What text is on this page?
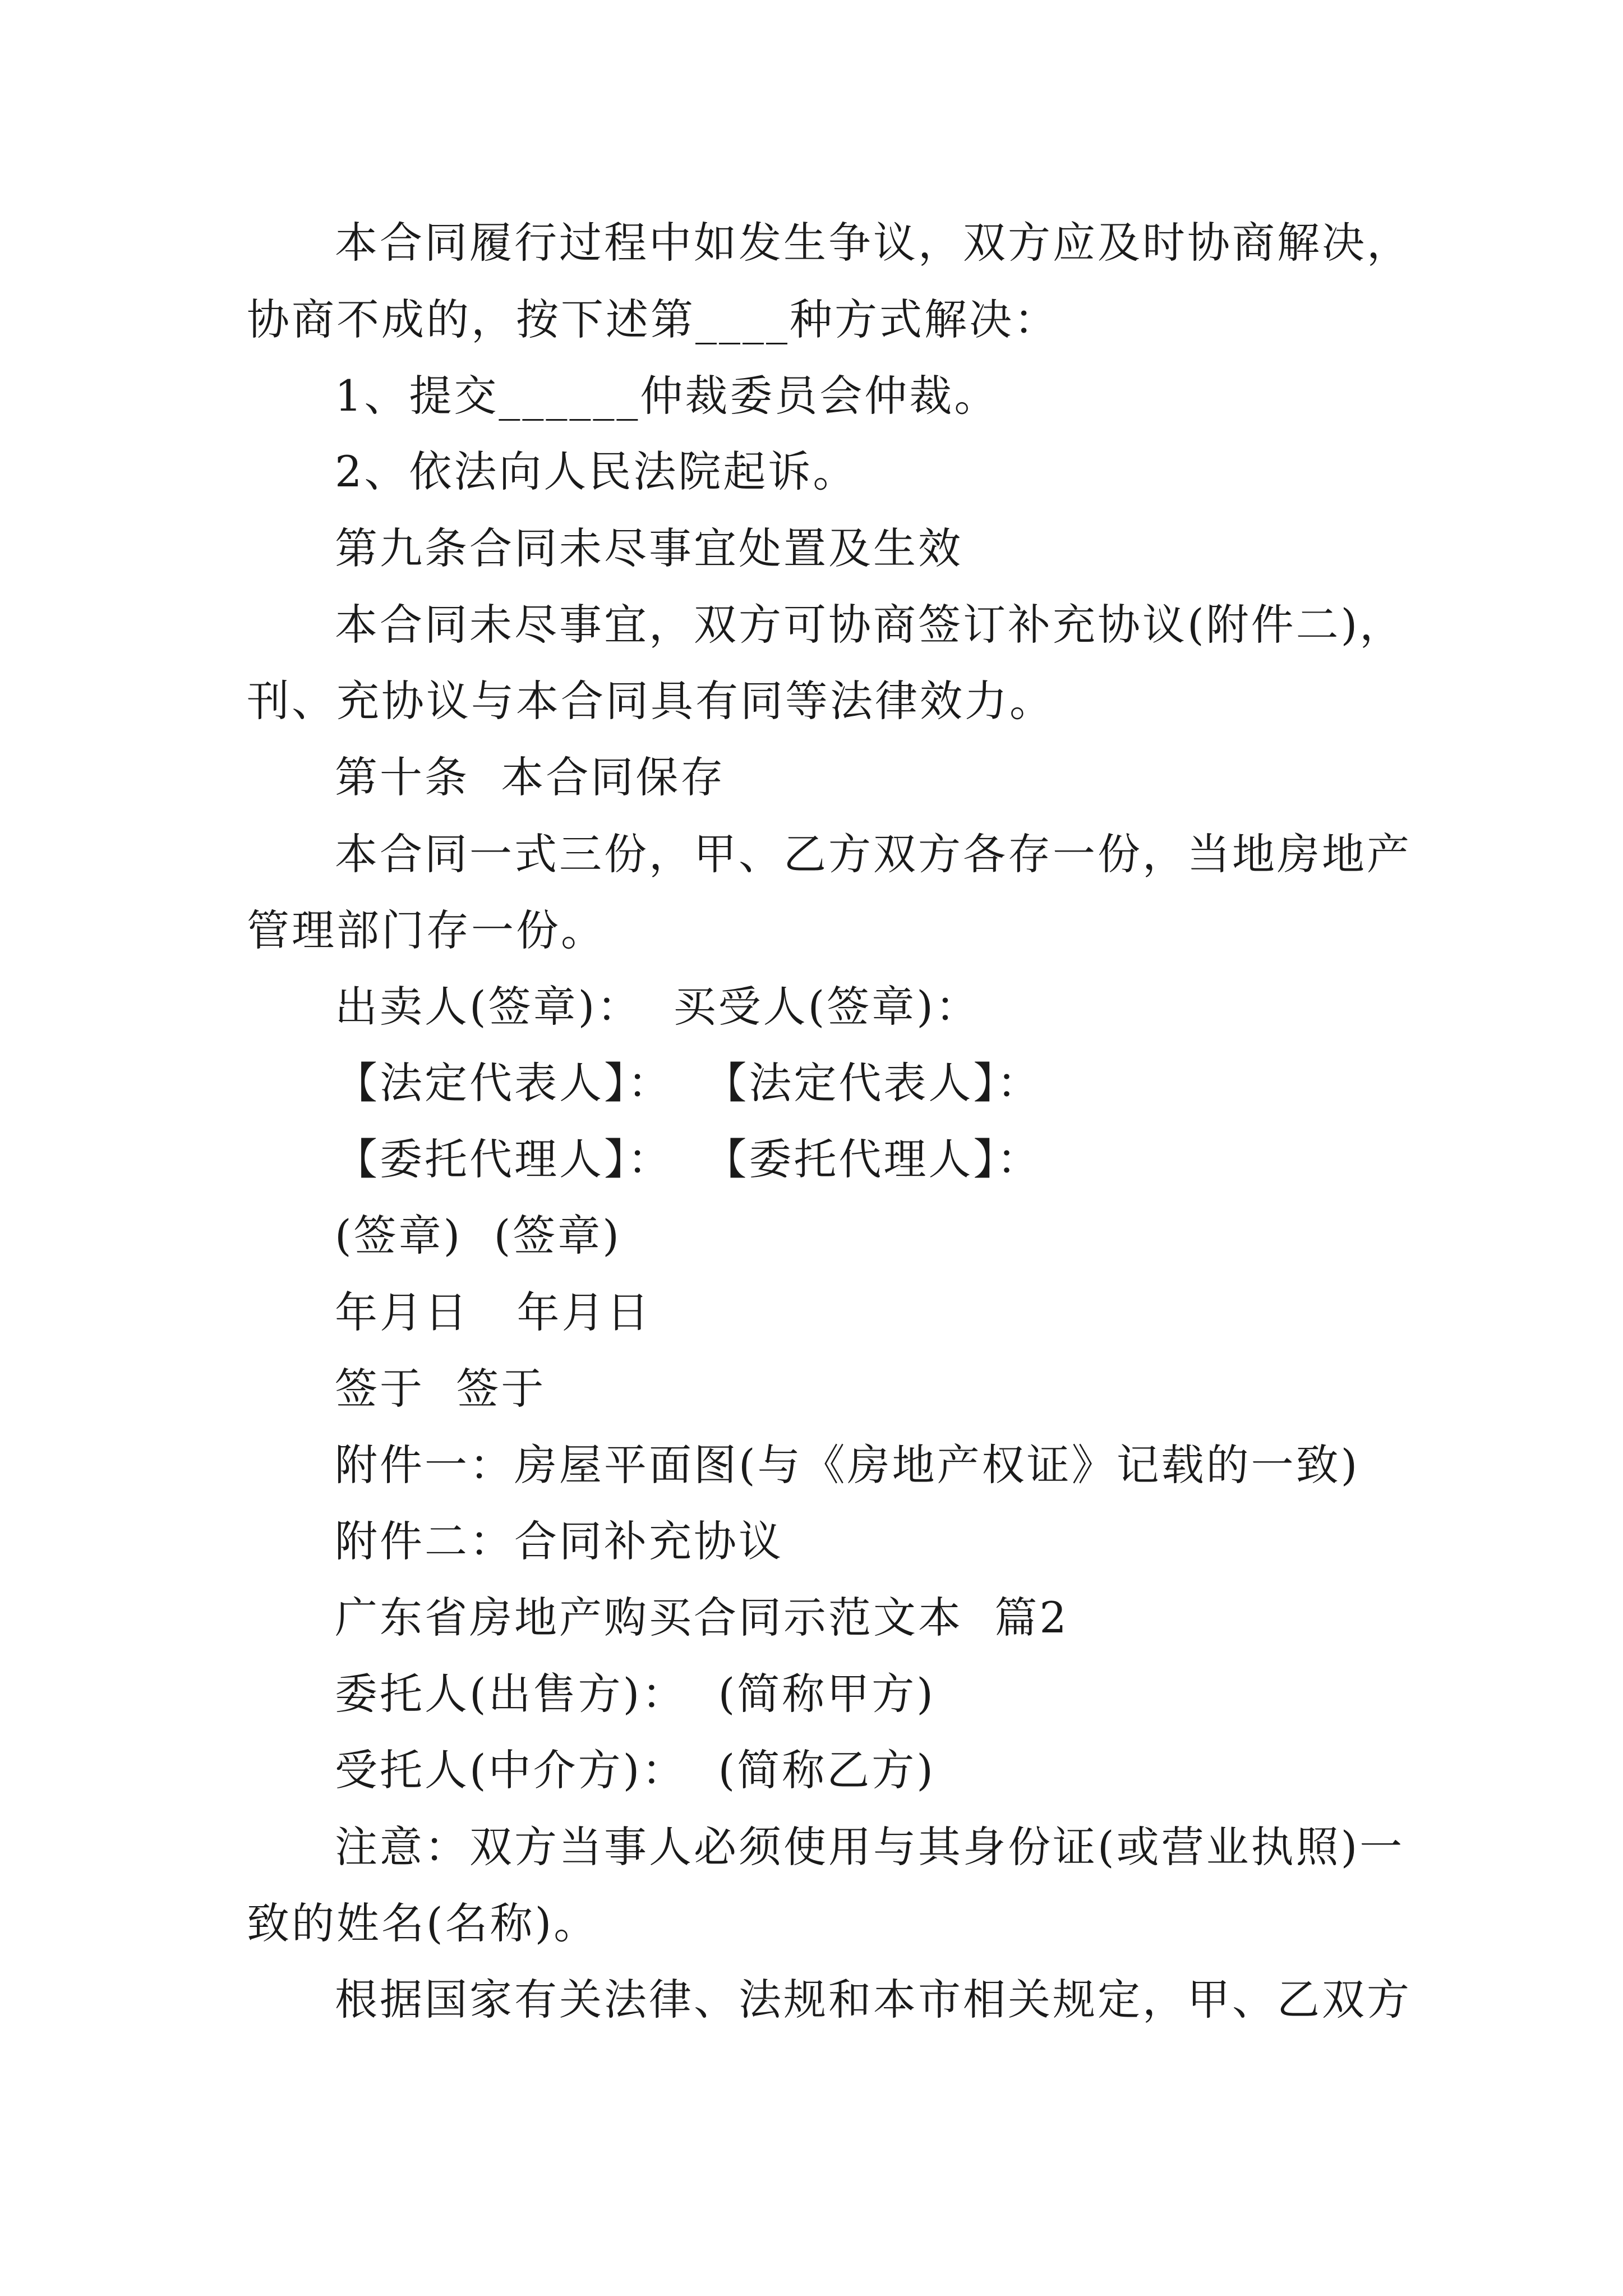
本合同履行过程中如发生争议，双方应及时协商解决，
协商不成的，按下述第____种方式解决：
1、提交______仲裁委员会仲裁。
2、依法向人民法院起诉。
第九条合同未尽事宜处置及生效
本合同未尽事宜，双方可协商签订补充协议(附件二)，
刊、充协议与本合同具有同等法律效力。
第十条  本合同保存
本合同一式三份，甲、乙方双方各存一份，当地房地产
管理部门存一份。
出卖人(签章)：  买受人(签章)：
【法定代表人】：  【法定代表人】：
【委托代理人】：  【委托代理人】：
(签章)  (签章)
年月日   年月日
签于  签于
附件一：房屋平面图(与《房地产权证》记载的一致)
附件二：合同补充协议
广东省房地产购买合同示范文本  篇2
委托人(出售方)：  (简称甲方)
受托人(中介方)：  (简称乙方)
注意：双方当事人必须使用与其身份证(或营业执照)一
致的姓名(名称)。
根据国家有关法律、法规和本市相关规定，甲、乙双方
